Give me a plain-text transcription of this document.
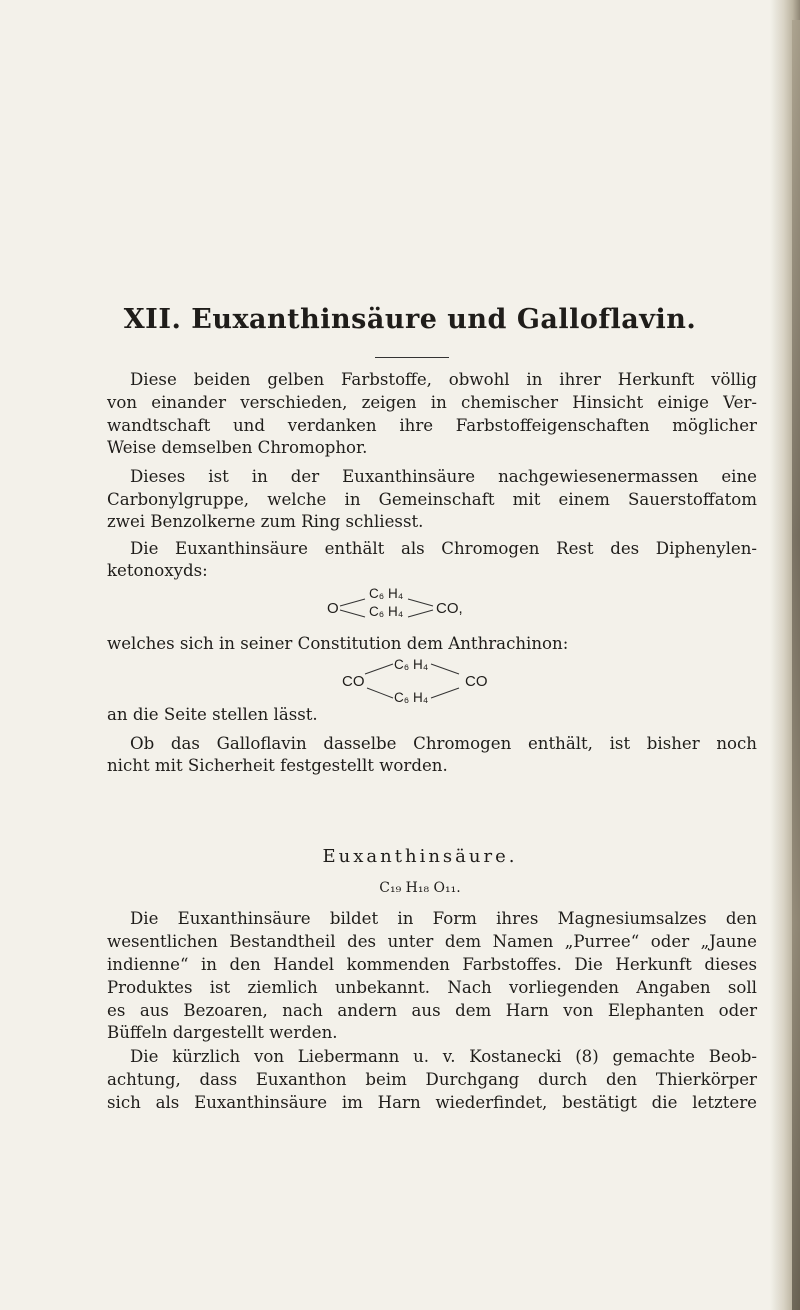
XII. Euxanthinsäure und Galloflavin.
Diese beiden gelben Farbstoffe, obwohl in ihrer Herkunft völlig
von einander verschieden, zeigen in chemischer Hinsicht einige Ver-
wandtschaft und verdanken ihre Farbstoffeigenschaften möglicher
Weise demselben Chromophor.
Dieses ist in der Euxanthinsäure nachgewiesenermassen eine
Carbonylgruppe, welche in Gemeinschaft mit einem Sauerstoffatom
zwei Benzolkerne zum Ring schliesst.
Die Euxanthinsäure enthält als Chromogen Rest des Diphenylen-
ketonoxyds:
O
C₆ H₄
C₆ H₄ CO,
welches sich in seiner Constitution dem Anthrachinon:
CO
C₆ H₄
C₆ H₄
CO
an die Seite stellen lässt.
Ob das Galloflavin dasselbe Chromogen enthält, ist bisher noch
nicht mit Sicherheit festgestellt worden.
Euxanthinsäure.
C₁₉ H₁₈ O₁₁.
Die Euxanthinsäure bildet in Form ihres Magnesiumsalzes den
wesentlichen Bestandtheil des unter dem Namen „Purree“ oder „Jaune
indienne“ in den Handel kommenden Farbstoffes. Die Herkunft dieses
Produktes ist ziemlich unbekannt. Nach vorliegenden Angaben soll
es aus Bezoaren, nach andern aus dem Harn von Elephanten oder
Büffeln dargestellt werden.
Die kürzlich von Liebermann u. v. Kostanecki (8) gemachte Beob-
achtung, dass Euxanthon beim Durchgang durch den Thierkörper
sich als Euxanthinsäure im Harn wiederfindet, bestätigt die letztere
